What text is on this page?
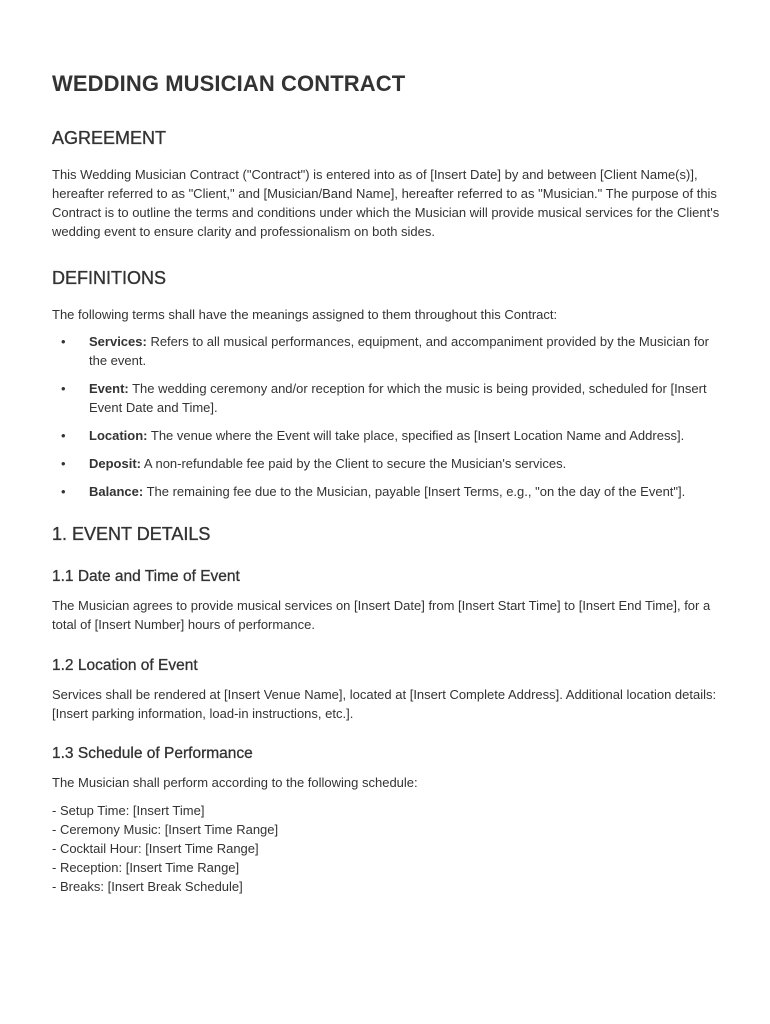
WEDDING MUSICIAN CONTRACT
AGREEMENT

This Wedding Musician Contract ("Contract") is entered into as of [Insert Date] by and between [Client Name(s)], hereafter referred to as "Client," and [Musician/Band Name], hereafter referred to as "Musician." The purpose of this Contract is to outline the terms and conditions under which the Musician will provide musical services for the Client's wedding event to ensure clarity and professionalism on both sides.

DEFINITIONS

The following terms shall have the meanings assigned to them throughout this Contract:

• Services: Refers to all musical performances, equipment, and accompaniment provided by the Musician for the event.
• Event: The wedding ceremony and/or reception for which the music is being provided, scheduled for [Insert Event Date and Time].
• Location: The venue where the Event will take place, specified as [Insert Location Name and Address].
• Deposit: A non-refundable fee paid by the Client to secure the Musician's services.
• Balance: The remaining fee due to the Musician, payable [Insert Terms, e.g., "on the day of the Event"].
1. EVENT DETAILS
1.1 Date and Time of Event

The Musician agrees to provide musical services on [Insert Date] from [Insert Start Time] to [Insert End Time], for a total of [Insert Number] hours of performance.

1.2 Location of Event

Services shall be rendered at [Insert Venue Name], located at [Insert Complete Address]. Additional location details: [Insert parking information, load-in instructions, etc.].

1.3 Schedule of Performance

The Musician shall perform according to the following schedule:

- Setup Time: [Insert Time]

- Ceremony Music: [Insert Time Range]

- Cocktail Hour: [Insert Time Range]

- Reception: [Insert Time Range]

- Breaks: [Insert Break Schedule]
